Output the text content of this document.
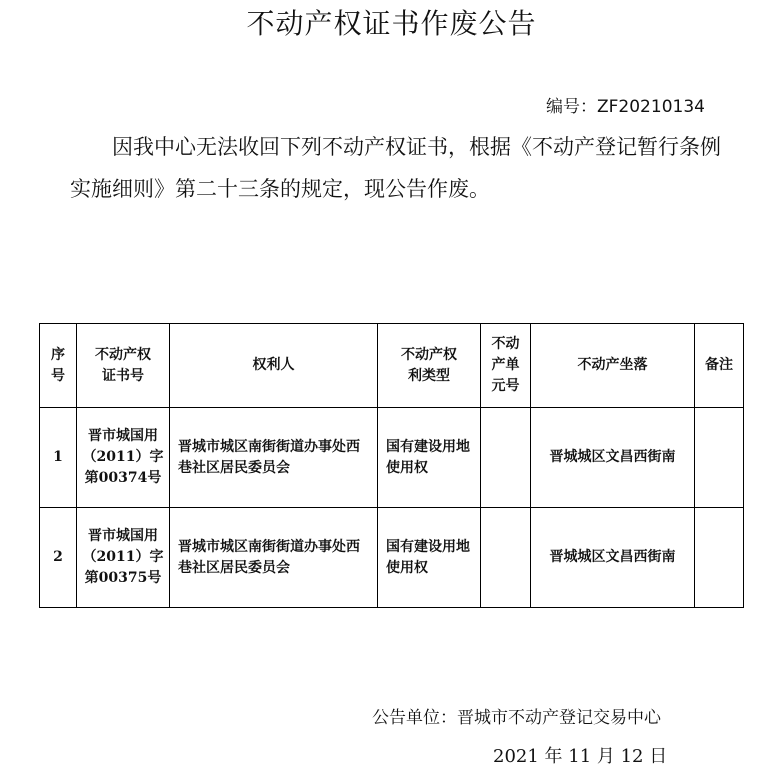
不动产权证书作废公告
编号：ZF20210134
因我中心无法收回下列不动产权证书，根据《不动产登记暂行条例实施细则》第二十三条的规定，现公告作废。
序号	不动产权证书号	权利人	不动产权利类型	不动产单元号	不动产坐落	备注
1	晋市城国用（2011）字第00374号	晋城市城区南街街道办事处西巷社区居民委员会	国有建设用地使用权		晋城城区文昌西街南	
2	晋市城国用（2011）字第00375号	晋城市城区南街街道办事处西巷社区居民委员会	国有建设用地使用权		晋城城区文昌西街南	
公告单位：晋城市不动产登记交易中心
2021 年 11 月 12 日
